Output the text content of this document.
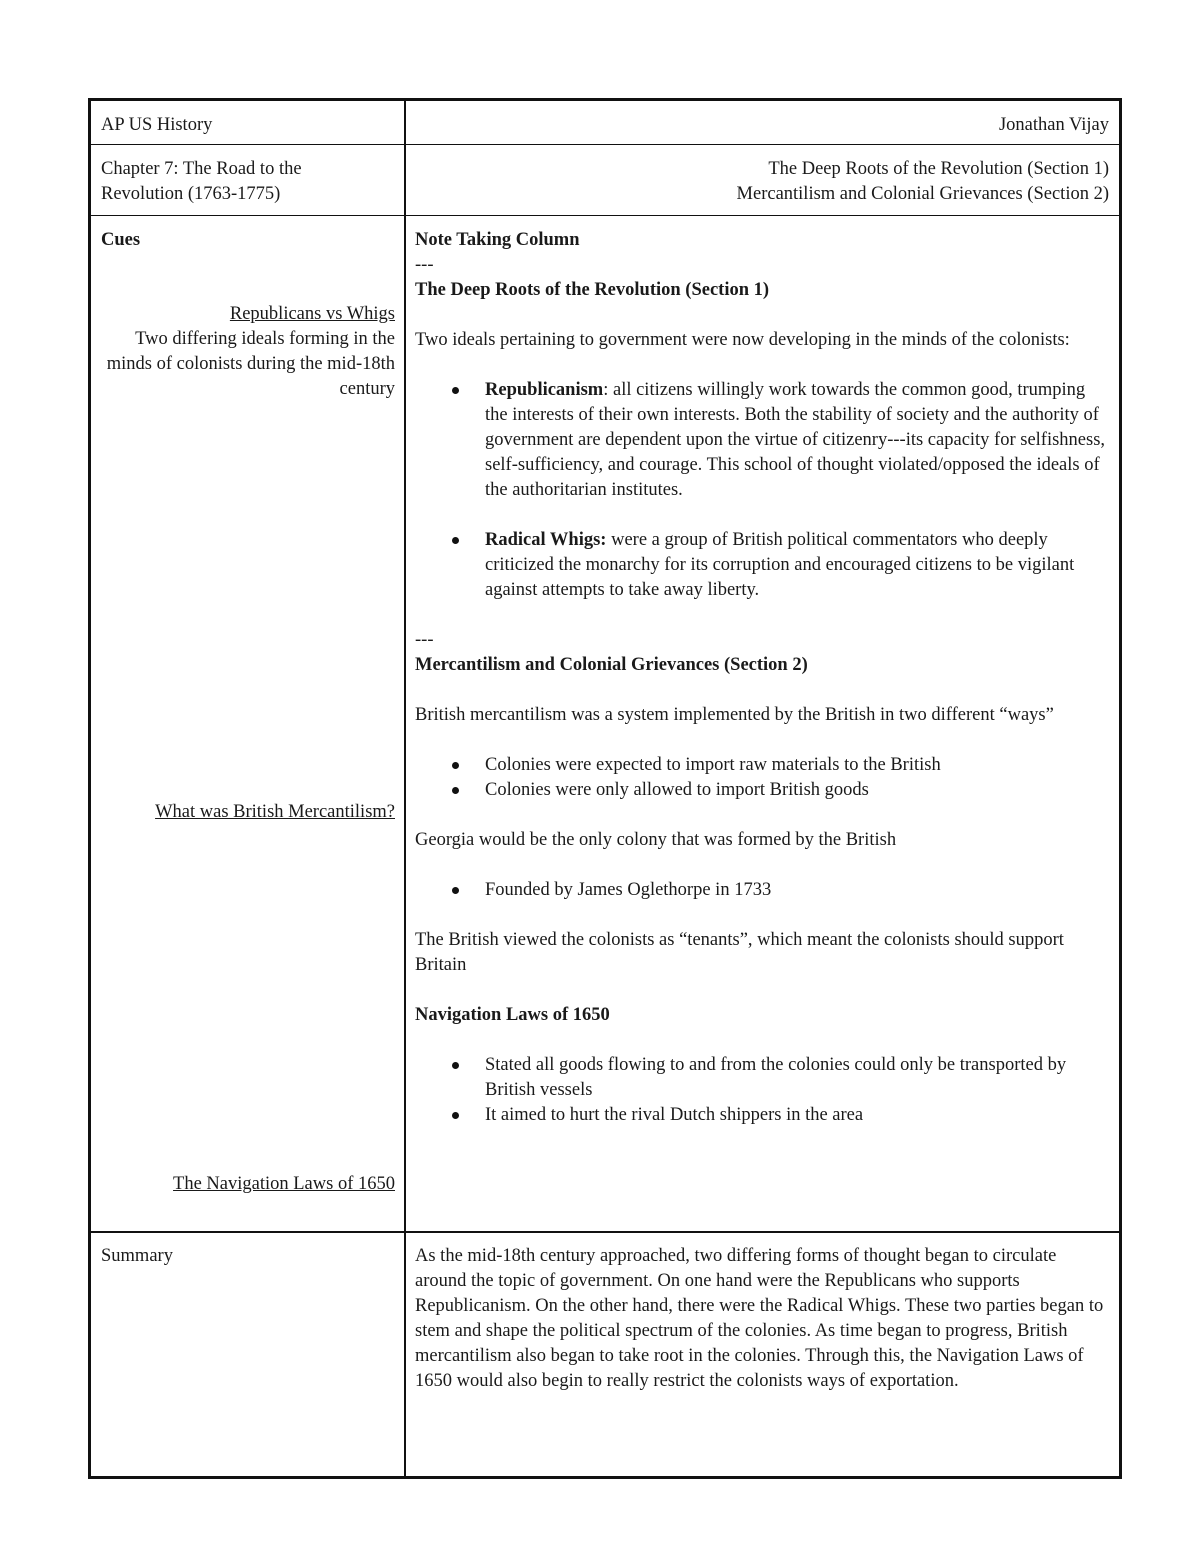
AP US History	Jonathan Vijay
Chapter 7: The Road to the Revolution (1763-1775)
The Deep Roots of the Revolution (Section 1)
Mercantilism and Colonial Grievances (Section 2)
Cues
Republicans vs Whigs
Two differing ideals forming in the minds of colonists during the mid-18th century
What was British Mercantilism?
The Navigation Laws of 1650
Note Taking Column
---
The Deep Roots of the Revolution (Section 1)
Two ideals pertaining to government were now developing in the minds of the colonists:
Republicanism: all citizens willingly work towards the common good, trumping the interests of their own interests. Both the stability of society and the authority of government are dependent upon the virtue of citizenry---its capacity for selfishness, self-sufficiency, and courage. This school of thought violated/opposed the ideals of the authoritarian institutes.
Radical Whigs: were a group of British political commentators who deeply criticized the monarchy for its corruption and encouraged citizens to be vigilant against attempts to take away liberty.
---
Mercantilism and Colonial Grievances (Section 2)
British mercantilism was a system implemented by the British in two different “ways”
Colonies were expected to import raw materials to the British
Colonies were only allowed to import British goods
Georgia would be the only colony that was formed by the British
Founded by James Oglethorpe in 1733
The British viewed the colonists as “tenants”, which meant the colonists should support Britain
Navigation Laws of 1650
Stated all goods flowing to and from the colonies could only be transported by British vessels
It aimed to hurt the rival Dutch shippers in the area
Summary	As the mid-18th century approached, two differing forms of thought began to circulate around the topic of government. On one hand were the Republicans who supports Republicanism. On the other hand, there were the Radical Whigs. These two parties began to stem and shape the political spectrum of the colonies. As time began to progress, British mercantilism also began to take root in the colonies. Through this, the Navigation Laws of 1650 would also begin to really restrict the colonists ways of exportation.
